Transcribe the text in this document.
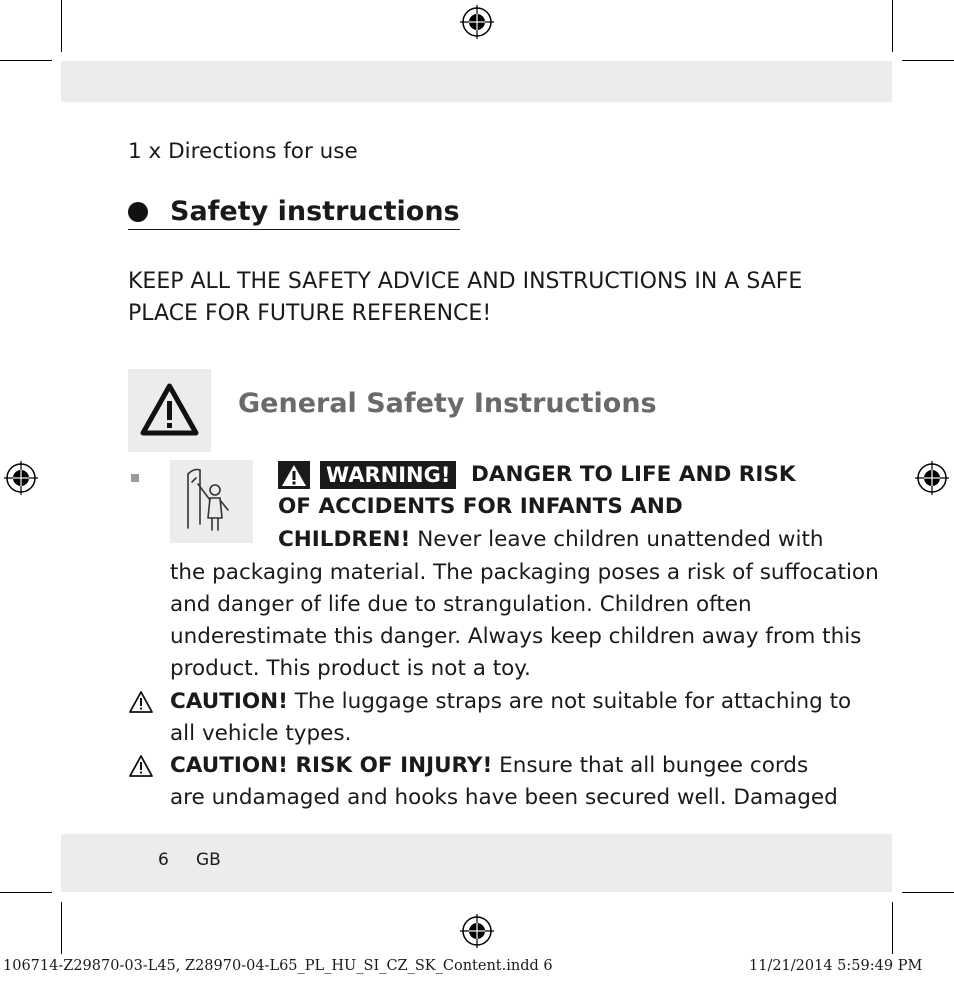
1 x Directions for use
Safety instructions
KEEP ALL THE SAFETY ADVICE AND INSTRUCTIONS IN A SAFE
PLACE FOR FUTURE REFERENCE!
General Safety Instructions
WARNING! DANGER TO LIFE AND RISK
OF ACCIDENTS FOR INFANTS AND
CHILDREN! Never leave children unattended with
the packaging material. The packaging poses a risk of suffocation
and danger of life due to strangulation. Children often
underestimate this danger. Always keep children away from this
product. This product is not a toy.
CAUTION! The luggage straps are not suitable for attaching to
all vehicle types.
CAUTION! RISK OF INJURY! Ensure that all bungee cords
are undamaged and hooks have been secured well. Damaged
6 GB
106714-Z29870-03-L45, Z28970-04-L65_PL_HU_SI_CZ_SK_Content.indd 6	11/21/2014 5:59:49 PM
